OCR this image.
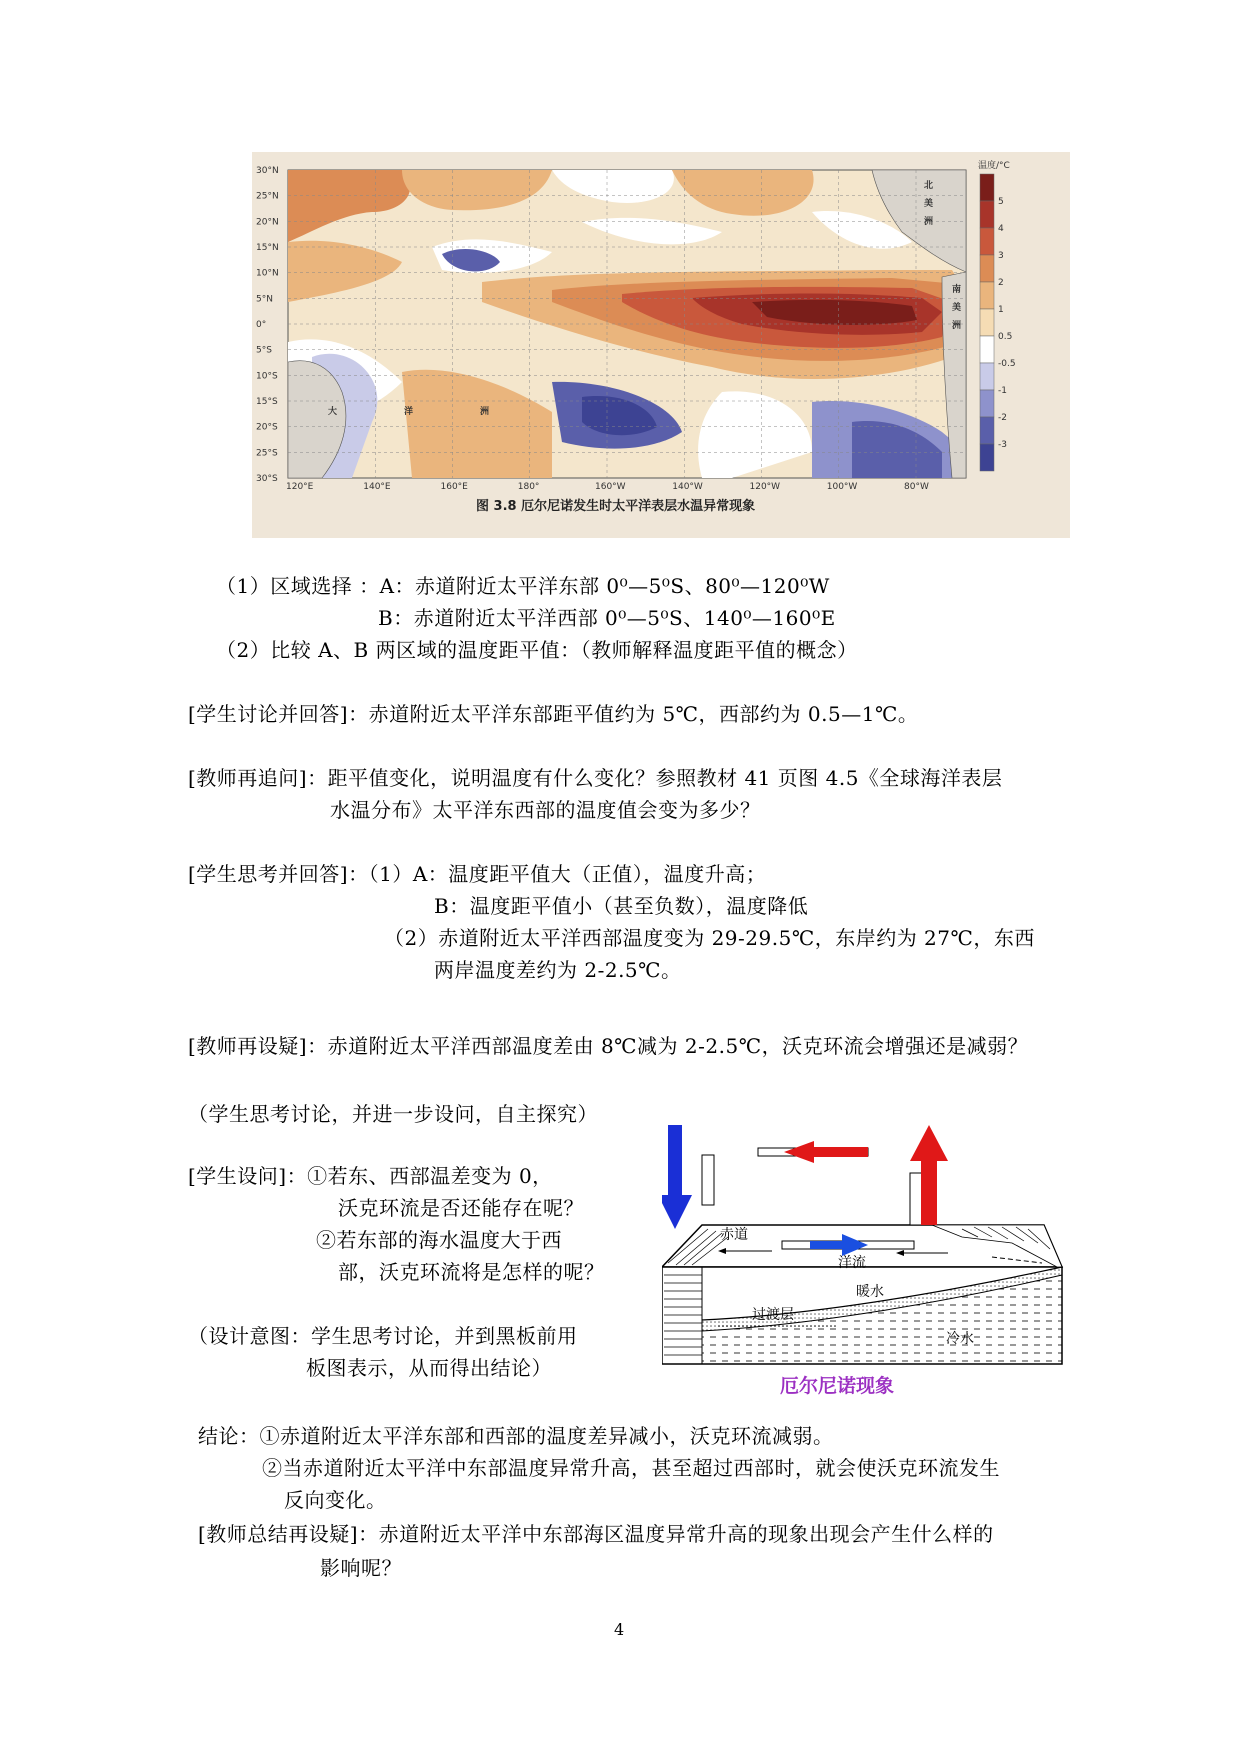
30°N
25°N
20°N
15°N
10°N
5°N
0°
5°S
10°S
15°S
20°S
25°S
30°S
120°E	140°E	160°E	180°	160°W	140°W	120°W	100°W	80°W
北美洲
南美洲
大	洋	洲
温度/°C
5
4
3
2
1
0.5
-0.5
-1
-2
-3
图 3.8 厄尔尼诺发生时太平洋表层水温异常现象
（1）区域选择 ：A：赤道附近太平洋东部 0⁰—5⁰S、80⁰—120⁰W
B：赤道附近太平洋西部 0⁰—5⁰S、140⁰—160⁰E
（2）比较 A、B 两区域的温度距平值：（教师解释温度距平值的概念）
[学生讨论并回答]：赤道附近太平洋东部距平值约为 5℃，西部约为 0.5—1℃。
[教师再追问]：距平值变化，说明温度有什么变化？参照教材 41 页图 4.5《全球海洋表层
水温分布》太平洋东西部的温度值会变为多少？
[学生思考并回答]：（1）A：温度距平值大（正值），温度升高；
B：温度距平值小（甚至负数），温度降低
（2）赤道附近太平洋西部温度变为 29-29.5℃，东岸约为 27℃，东西
两岸温度差约为 2-2.5℃。
[教师再设疑]：赤道附近太平洋西部温度差由 8℃减为 2-2.5℃，沃克环流会增强还是减弱？
（学生思考讨论，并进一步设问，自主探究）
[学生设问]：①若东、西部温差变为 0，
沃克环流是否还能存在呢？
②若东部的海水温度大于西
部，沃克环流将是怎样的呢？
（设计意图：学生思考讨论，并到黑板前用
板图表示，从而得出结论）
赤道
洋流
暖水
过渡层
冷水
厄尔尼诺现象
结论：①赤道附近太平洋东部和西部的温度差异减小，沃克环流减弱。
②当赤道附近太平洋中东部温度异常升高，甚至超过西部时，就会使沃克环流发生
反向变化。
[教师总结再设疑]：赤道附近太平洋中东部海区温度异常升高的现象出现会产生什么样的
影响呢？
4
